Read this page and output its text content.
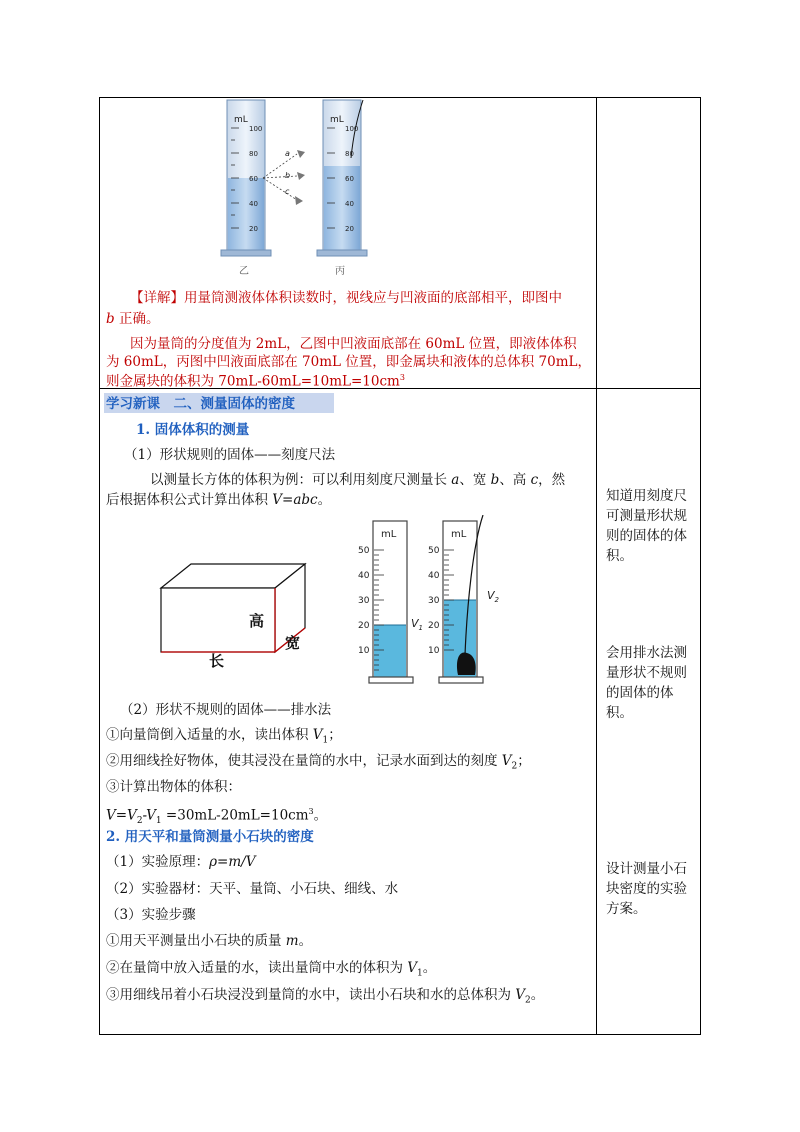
mL
100
80
60
40
20
a
b
c
mL
100
80
60
40
20
乙	丙
【详解】用量筒测液体体积读数时，视线应与凹液面的底部相平，即图中
b 正确。
因为量筒的分度值为 2mL，乙图中凹液面底部在 60mL 位置，即液体体积
为 60mL，丙图中凹液面底部在 70mL 位置，即金属块和液体的总体积 70mL，
则金属块的体积为 $70mL-60mL=10mL=10cm^3$
学习新课　二、测量固体的密度
1. 固体体积的测量
（1）形状规则的固体——刻度尺法
以测量长方体的体积为例：可以利用刻度尺测量长 a、宽 b、高 c，然
后根据体积公式计算出体积 V=abc。
高
宽
长
mL
50
40
30
20
10
$V_1$
mL
50
40
30
20
10
$V_2$
（2）形状不规则的固体——排水法
①向量筒倒入适量的水，读出体积 $V_1$；
②用细线拴好物体，使其浸没在量筒的水中，记录水面到达的刻度 $V_2$；
③计算出物体的体积：
$V=V_2-V_1 =30mL-20mL=10cm^3$。
2. 用天平和量筒测量小石块的密度
（1）实验原理：ρ=m/V
（2）实验器材：天平、量筒、小石块、细线、水
（3）实验步骤
①用天平测量出小石块的质量 m。
②在量筒中放入适量的水，读出量筒中水的体积为 $V_1$。
③用细线吊着小石块浸没到量筒的水中，读出小石块和水的总体积为 $V_2$。
知道用刻度尺可测量形状规则的固体的体积。
会用排水法测量形状不规则的固体的体积。
设计测量小石块密度的实验方案。
